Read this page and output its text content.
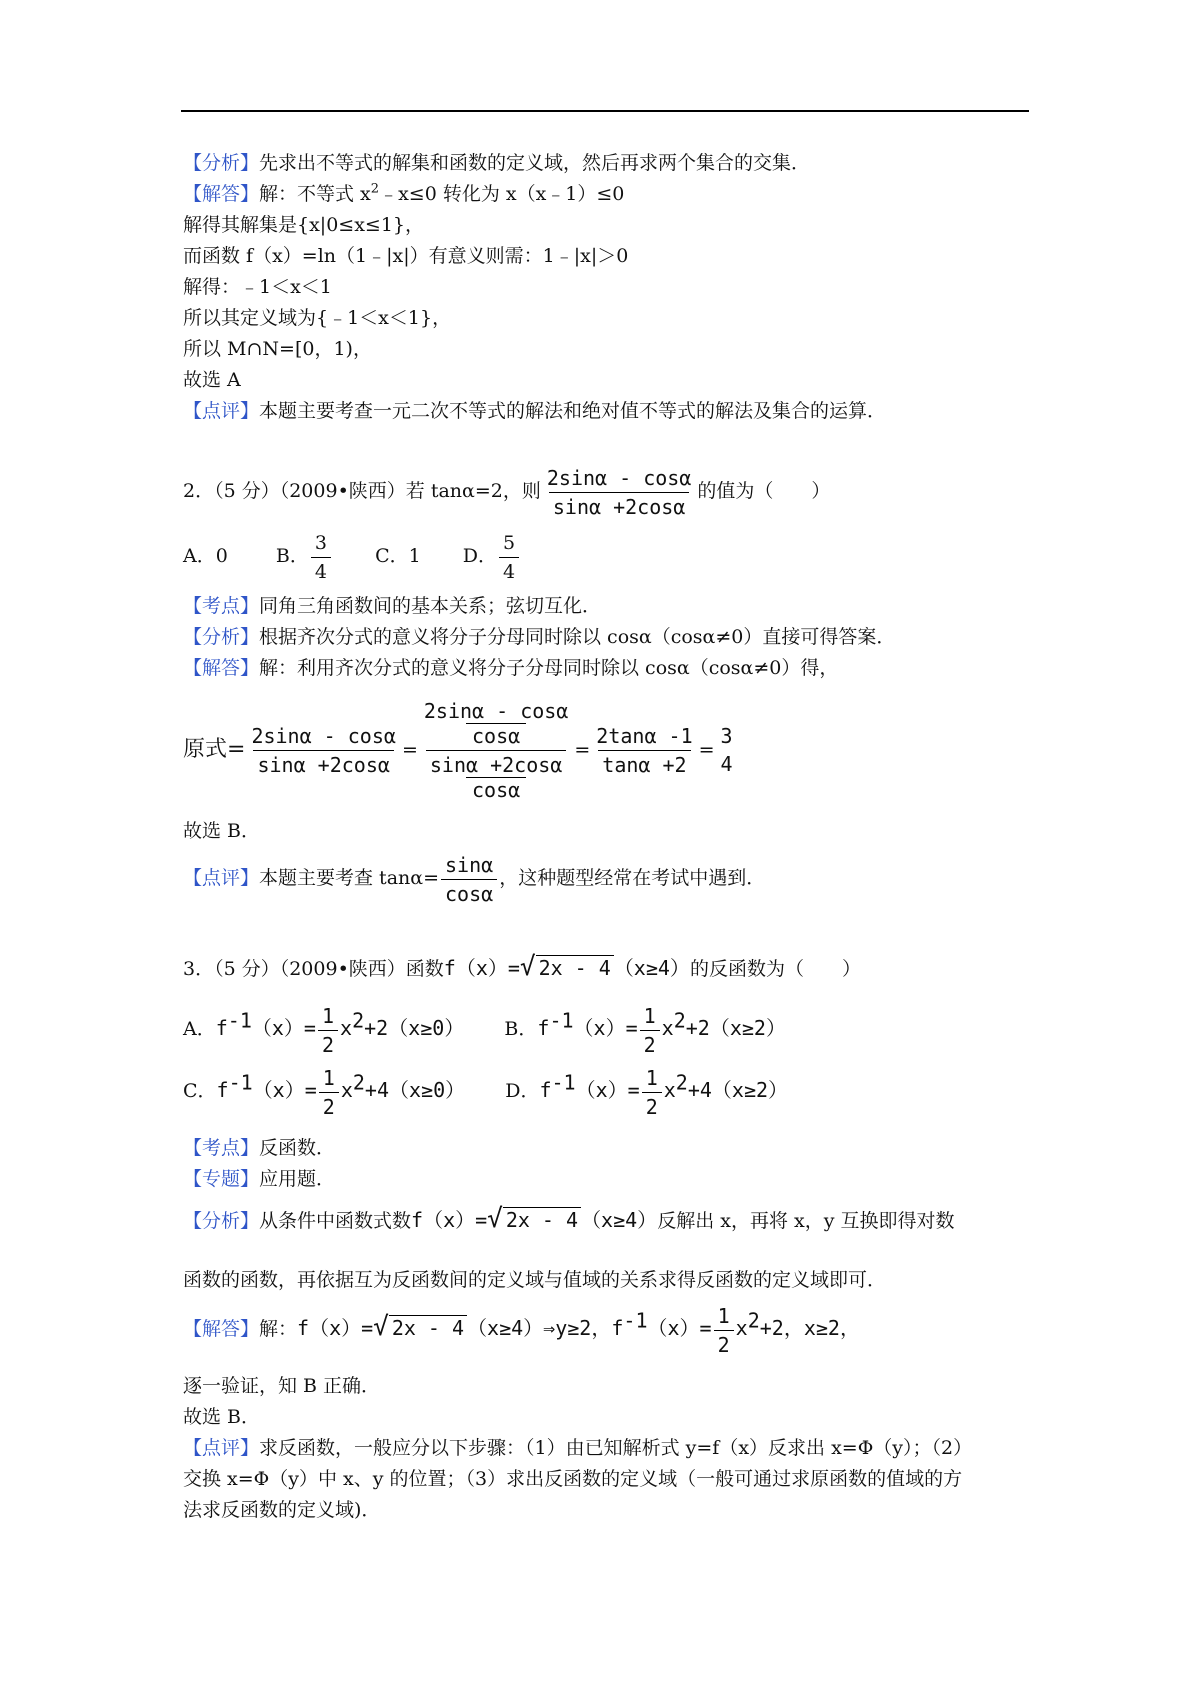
【分析】先求出不等式的解集和函数的定义域，然后再求两个集合的交集．
【解答】解：不等式 $x^2﹣x\le 0$ 转化为 x（x﹣1）≤0
解得其解集是{x|0≤x≤1}，
而函数 f（x）=ln（1﹣|x|）有意义则需：1﹣|x|＞0
解得：﹣1＜x＜1
所以其定义域为{﹣1＜x＜1}，
所以 M∩N=[0，1)，
故选 A
【点评】本题主要考查一元二次不等式的解法和绝对值不等式的解法及集合的运算．
2．（5 分）（2009•陕西）若 tanα=2，则 $\frac{2\sin\alpha - \cos\alpha}{\sin\alpha +2\cos\alpha}$ 的值为（　　）
A．0	B． $\frac{3}{4}$ C．1 D． $\frac{5}{4}$
【考点】同角三角函数间的基本关系；弦切互化．
【分析】根据齐次分式的意义将分子分母同时除以 cosα（cosα≠0）直接可得答案．
【解答】解：利用齐次分式的意义将分子分母同时除以 cosα（cosα≠0）得，
原式= $\frac{2\sin\alpha - \cos\alpha}{\sin\alpha +2\cos\alpha} = \frac{\frac{2\sin\alpha - \cos\alpha}{\cos\alpha}}{\frac{\sin\alpha +2\cos\alpha}{\cos\alpha}} = \frac{2\tan\alpha -1}{\tan\alpha +2}$ =
3
4
故选 B．
【点评】本题主要考查 $\tan\alpha= \frac{\sin\alpha}{\cos\alpha}$ ，这种题型经常在考试中遇到．
3．（5 分）（2009•陕西）函数f（x）= √ 2x - 4 （x≥4）的反函数为（　　）
A．$f^{-1}(x)= \frac{1}{2} x^2+2(x\ge 0)$ B．$f^{-1}(x)= \frac{1}{2} x^2+2(x\ge 2)$
C．$f^{-1}(x)= \frac{1}{2} x^2+4(x\ge 0)$ D．$f^{-1}(x)= \frac{1}{2} x^2+4(x\ge 2)$
【考点】反函数．
【专题】应用题．
【分析】从条件中函数式数f（x）= √ 2x - 4 （x≥4）反解出 x，再将 x，y 互换即得对数
函数的函数，再依据互为反函数间的定义域与值域的关系求得反函数的定义域即可．
【解答】解：f（x）= √ 2x - 4 （x≥4）⇒y≥2，$f^{-1}(x)= \frac{1}{2} x^2+2$，x≥2，
逐一验证，知 B 正确．
故选 B．
【点评】求反函数，一般应分以下步骤：（1）由已知解析式 y=f（x）反求出 x=Φ（y）；（2）
交换 x=Φ（y）中 x、y 的位置；（3）求出反函数的定义域（一般可通过求原函数的值域的方
法求反函数的定义域)．
